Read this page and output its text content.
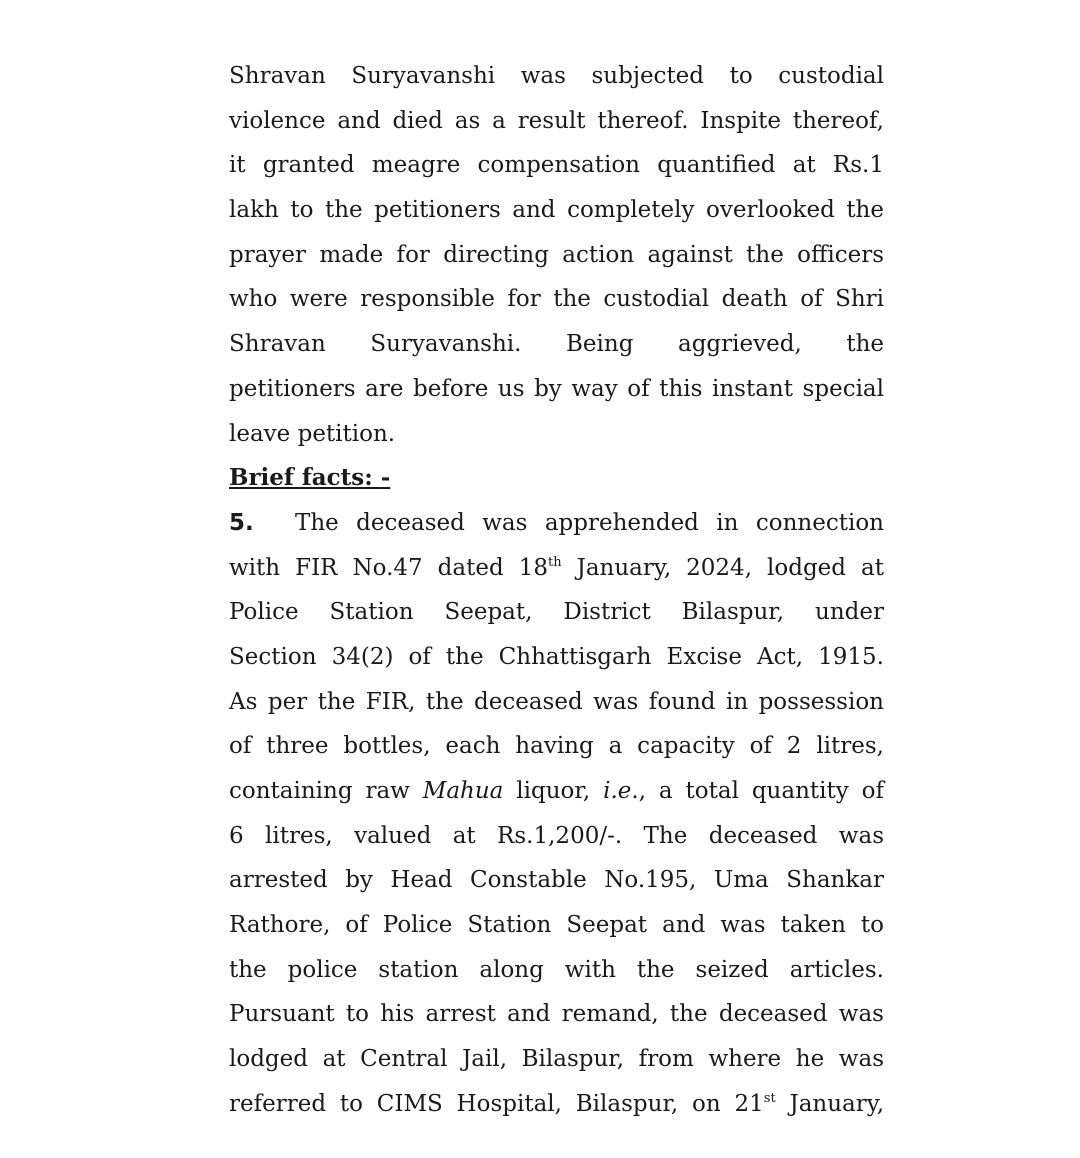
Shravan Suryavanshi was subjected to custodial
violence and died as a result thereof. Inspite thereof,
it granted meagre compensation quantified at Rs.1
lakh to the petitioners and completely overlooked the
prayer made for directing action against the officers
who were responsible for the custodial death of Shri
Shravan Suryavanshi. Being aggrieved, the
petitioners are before us by way of this instant special
leave petition.
Brief facts: -
5. The deceased was apprehended in connection
with FIR No.47 dated 18th January, 2024, lodged at
Police Station Seepat, District Bilaspur, under
Section 34(2) of the Chhattisgarh Excise Act, 1915.
As per the FIR, the deceased was found in possession
of three bottles, each having a capacity of 2 litres,
containing raw Mahua liquor, i.e., a total quantity of
6 litres, valued at Rs.1,200/-. The deceased was
arrested by Head Constable No.195, Uma Shankar
Rathore, of Police Station Seepat and was taken to
the police station along with the seized articles.
Pursuant to his arrest and remand, the deceased was
lodged at Central Jail, Bilaspur, from where he was
referred to CIMS Hospital, Bilaspur, on 21st January,
